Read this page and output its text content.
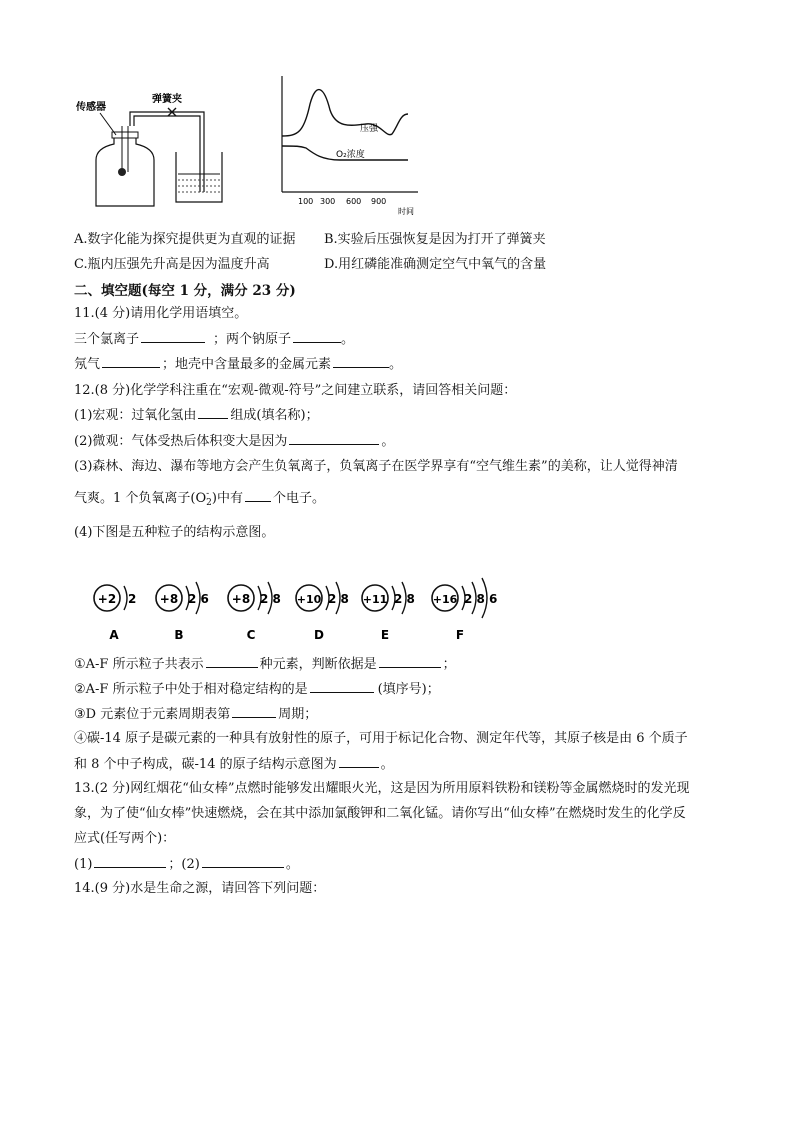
传感器
弹簧夹
压强
O₂浓度
100 300 600 900
时间
A.数字化能为探究提供更为直观的证据 B.实验后压强恢复是因为打开了弹簧夹
C.瓶内压强先升高是因为温度升高	D.用红磷能准确测定空气中氧气的含量
二、填空题(每空 1 分，满分 23 分)
11.(4 分)请用化学用语填空。
三个氯离子	；两个钠原子	。
氖气	；地壳中含量最多的金属元素	。
12.(8 分)化学学科注重在“宏观-微观-符号”之间建立联系，请回答相关问题：
(1)宏观：过氧化氢由	组成(填名称)；
(2)微观：气体受热后体积变大是因为	。
(3)森林、海边、瀑布等地方会产生负氧离子，负氧离子在医学界享有“空气维生素”的美称，让人觉得神清
气爽。1 个负氧离子(O -
2 )中有 个电子。
(4)下图是五种粒子的结构示意图。
+2 2
A
+8 2 6
B
+8 2 8
C
+10 2 8
D
+11 2 8
E
+16 2 8 6
F
①A-F 所示粒子共表示	种元素，判断依据是	；
②A-F 所示粒子中处于相对稳定结构的是	(填序号)；
③D 元素位于元素周期表第	周期；
④碳-14 原子是碳元素的一种具有放射性的原子，可用于标记化合物、测定年代等，其原子核是由 6 个质子
和 8 个中子构成，碳-14 的原子结构示意图为	。
13.(2 分)网红烟花“仙女棒”点燃时能够发出耀眼火光，这是因为所用原料铁粉和镁粉等金属燃烧时的发光现
象，为了使“仙女棒”快速燃烧，会在其中添加氯酸钾和二氧化锰。请你写出“仙女棒”在燃烧时发生的化学反
应式(任写两个)：
(1)	；(2)	。
14.(9 分)水是生命之源，请回答下列问题：
